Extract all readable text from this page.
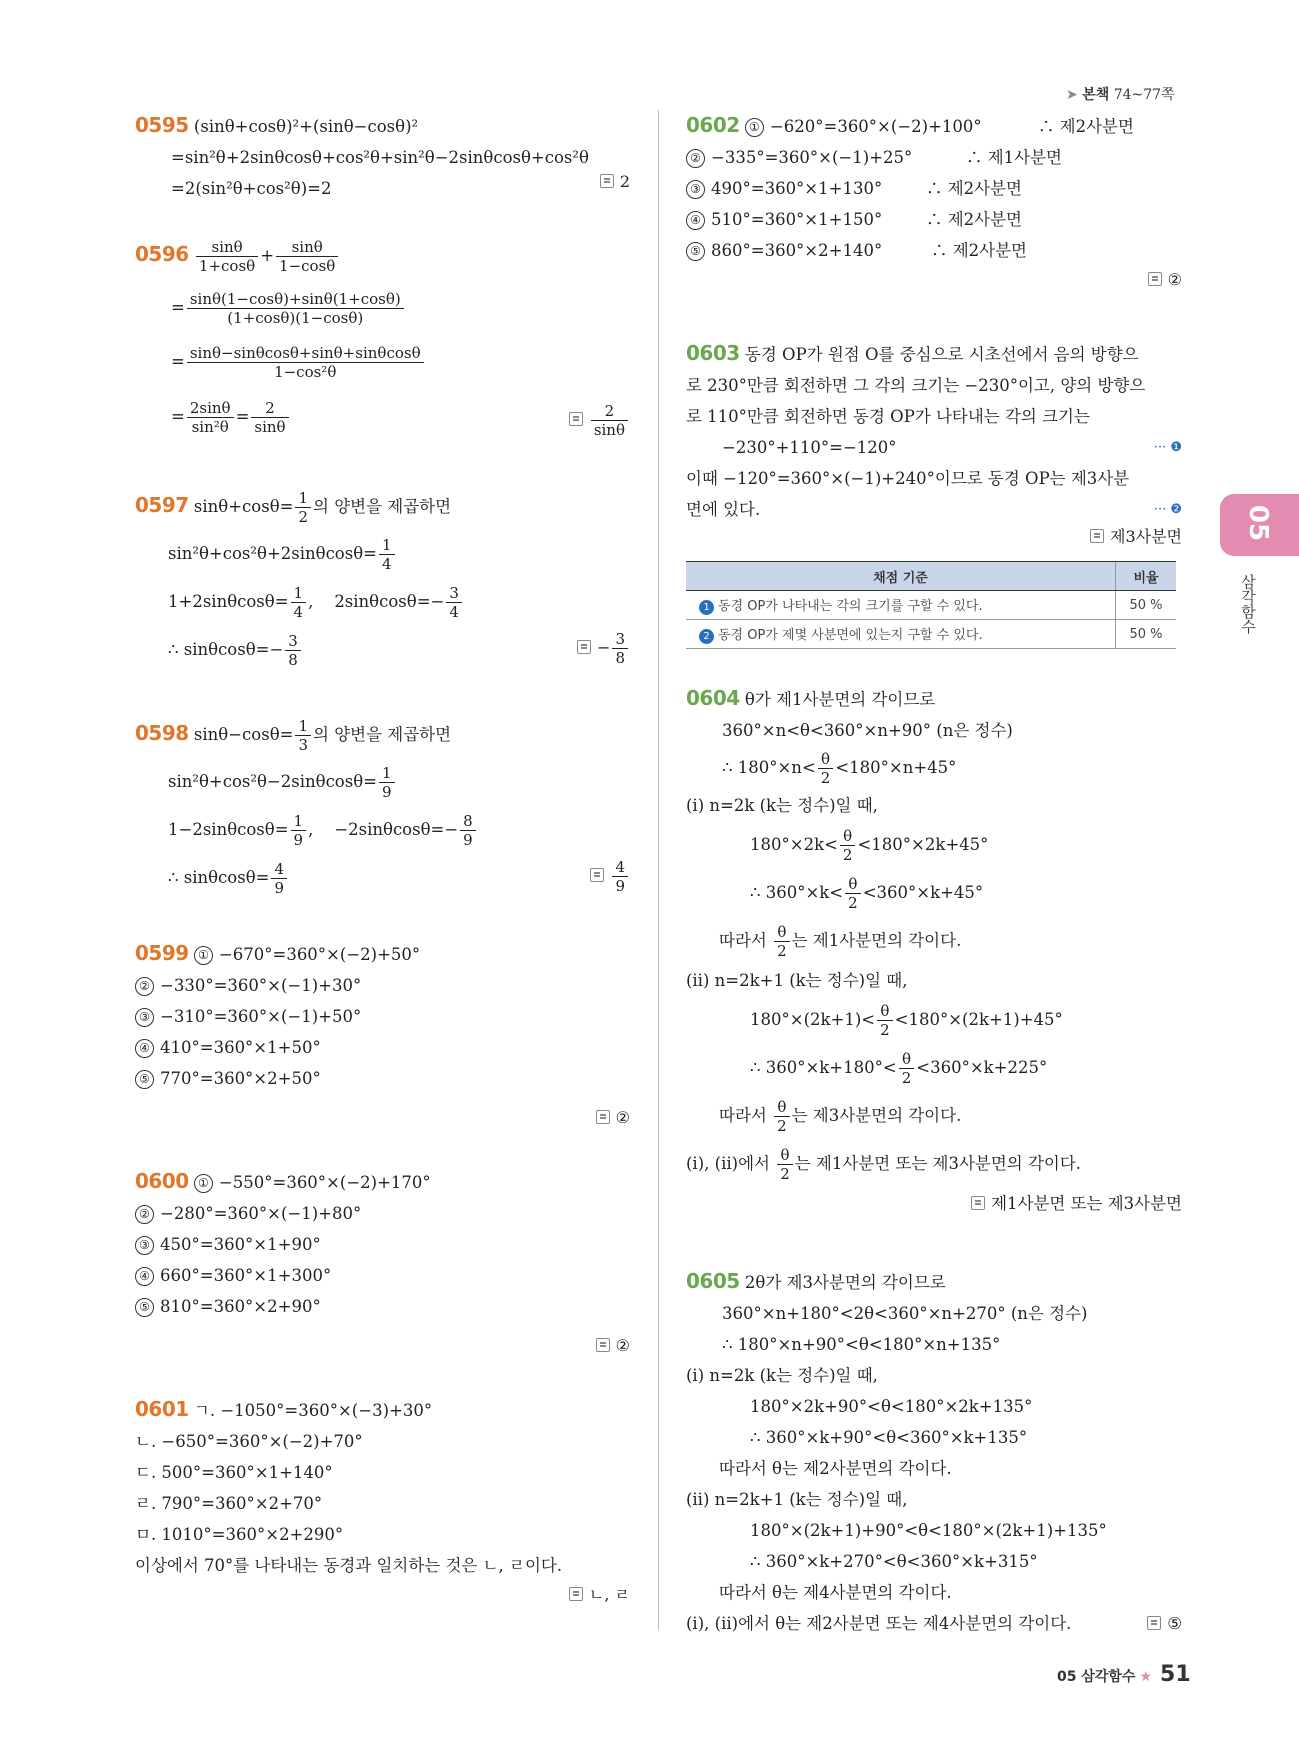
➤ 본책 74~77쪽
0595 (sinθ+cosθ)²+(sinθ−cosθ)²
=sin²θ+2sinθcosθ+cos²θ+sin²θ−2sinθcosθ+cos²θ
=2(sin²θ+cos²θ)=2	2
$0596 \frac{\sin\theta}{1+\cos\theta} + \frac{\sin\theta}{1-\cos\theta}$
= $\frac{\sin\theta(1-\cos\theta)+\sin\theta(1+\cos\theta)}{(1+\cos\theta)(1-\cos\theta)}$
= $\frac{\sin\theta-\sin\theta\cos\theta+\sin\theta+\sin\theta\cos\theta}{\text{1−cos²θ}}$
= $\frac{2\sin\theta}{\text{sin²θ}} = \frac{2}{\sin\theta}$	$\frac{2}{\sin\theta}$
0597 $\sin\theta+\cos\theta= \frac{1}{2}$ 의 양변을 제곱하면
$\sin^2\theta+\cos^2\theta+2\sin\theta\cos\theta= \frac{1}{4}$
$1+2\sin\theta\cos\theta= \frac{1}{4}$ , $2\sin\theta\cos\theta=- \frac{3}{4}$
∴ $\sin\theta\cos\theta=- \frac{3}{8}$	− $\frac{3}{8}$
0598 $\sin\theta-\cos\theta= \frac{1}{3}$ 의 양변을 제곱하면
$\sin^2\theta+\cos^2\theta-2\sin\theta\cos\theta= \frac{1}{9}$
$1-2\sin\theta\cos\theta= \frac{1}{9}$ , $-2\sin\theta\cos\theta=- \frac{8}{9}$
∴ $\sin\theta\cos\theta= \frac{4}{9}$	$\frac{4}{9}$
0599 ① −670°=360°×(−2)+50°
② −330°=360°×(−1)+30°
③ −310°=360°×(−1)+50°
④ 410°=360°×1+50°
⑤ 770°=360°×2+50°
②
0600 ① −550°=360°×(−2)+170°
② −280°=360°×(−1)+80°
③ 450°=360°×1+90°
④ 660°=360°×1+300°
⑤ 810°=360°×2+90°
②
0601 ㄱ. −1050°=360°×(−3)+30°
ㄴ. −650°=360°×(−2)+70°
ㄷ. 500°=360°×1+140°
ㄹ. 790°=360°×2+70°
ㅁ. 1010°=360°×2+290°
이상에서 70°를 나타내는 동경과 일치하는 것은 ㄴ, ㄹ이다.
ㄴ, ㄹ
0602 ① −620°=360°×(−2)+100°	∴ 제2사분면
② −335°=360°×(−1)+25°	∴ 제1사분면
③ 490°=360°×1+130°	∴ 제2사분면
④ 510°=360°×1+150°	∴ 제2사분면
⑤ 860°=360°×2+140°	∴ 제2사분면
②
0603 동경 OP가 원점 O를 중심으로 시초선에서 음의 방향으
로 230°만큼 회전하면 그 각의 크기는 −230°이고, 양의 방향으
로 110°만큼 회전하면 동경 OP가 나타내는 각의 크기는
−230°+110°=−120°	··· ❶
이때 −120°=360°×(−1)+240°이므로 동경 OP는 제3사분
면에 있다.	··· ❷
제3사분면
채점 기준	비율
1 동경 OP가 나타내는 각의 크기를 구할 수 있다.	50 %
2 동경 OP가 제몇 사분면에 있는지 구할 수 있다.	50 %
0604 θ가 제1사분면의 각이므로
360°×n<θ<360°×n+90° (n은 정수)
∴ $180^\circ\times n< \frac{\theta}{2} <180^\circ\times n+45^\circ$
(ⅰ) n=2k (k는 정수)일 때,
$180^\circ\times 2k< \frac{\theta}{2} <180^\circ\times 2k+45^\circ$
∴ $360^\circ\times k< \frac{\theta}{2} <360^\circ\times k+45^\circ$
따라서 $\frac{\theta}{2}$ 는 제1사분면의 각이다.
(ⅱ) n=2k+1 (k는 정수)일 때,
$180^\circ\times(2k+1)< \frac{\theta}{2} <180^\circ\times(2k+1)+45^\circ$
∴ $360^\circ\times k+180^\circ< \frac{\theta}{2} <360^\circ\times k+225^\circ$
따라서 $\frac{\theta}{2}$ 는 제3사분면의 각이다.
(ⅰ), (ⅱ)에서 $\frac{\theta}{2}$ 는 제1사분면 또는 제3사분면의 각이다.
제1사분면 또는 제3사분면
0605 2θ가 제3사분면의 각이므로
360°×n+180°<2θ<360°×n+270° (n은 정수)
∴ 180°×n+90°<θ<180°×n+135°
(ⅰ) n=2k (k는 정수)일 때,
180°×2k+90°<θ<180°×2k+135°
∴ 360°×k+90°<θ<360°×k+135°
따라서 θ는 제2사분면의 각이다.
(ⅱ) n=2k+1 (k는 정수)일 때,
180°×(2k+1)+90°<θ<180°×(2k+1)+135°
∴ 360°×k+270°<θ<360°×k+315°
따라서 θ는 제4사분면의 각이다.
(ⅰ), (ⅱ)에서 θ는 제2사분면 또는 제4사분면의 각이다.	⑤
05
삼각함수
05 삼각함수 ★ 51
